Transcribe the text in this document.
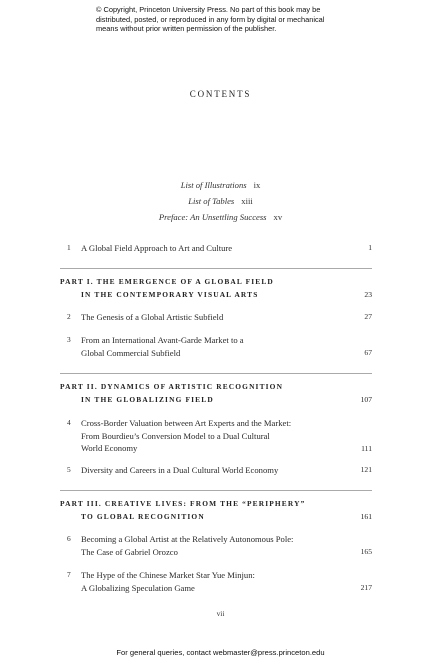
© Copyright, Princeton University Press. No part of this book may be
distributed, posted, or reproduced in any form by digital or mechanical
means without prior written permission of the publisher.
CONTENTS
List of Illustrations ix
List of Tables xiii
Preface: An Unsettling Success xv
1 A Global Field Approach to Art and Culture	1
PART I. THE EMERGENCE OF A GLOBAL FIELD
IN THE CONTEMPORARY VISUAL ARTS	23
2 The Genesis of a Global Artistic Subfield	27
3 From an International Avant-Garde Market to a
Global Commercial Subfield	67
PART II. DYNAMICS OF ARTISTIC RECOGNITION
IN THE GLOBALIZING FIELD	107
4 Cross-Border Valuation between Art Experts and the Market:
From Bourdieu’s Conversion Model to a Dual Cultural
World Economy	111
5 Diversity and Careers in a Dual Cultural World Economy	121
PART III. CREATIVE LIVES: FROM THE “PERIPHERY”
TO GLOBAL RECOGNITION	161
6 Becoming a Global Artist at the Relatively Autonomous Pole:
The Case of Gabriel Orozco	165
7 The Hype of the Chinese Market Star Yue Minjun:
A Globalizing Speculation Game	217
vii
For general queries, contact webmaster@press.princeton.edu
